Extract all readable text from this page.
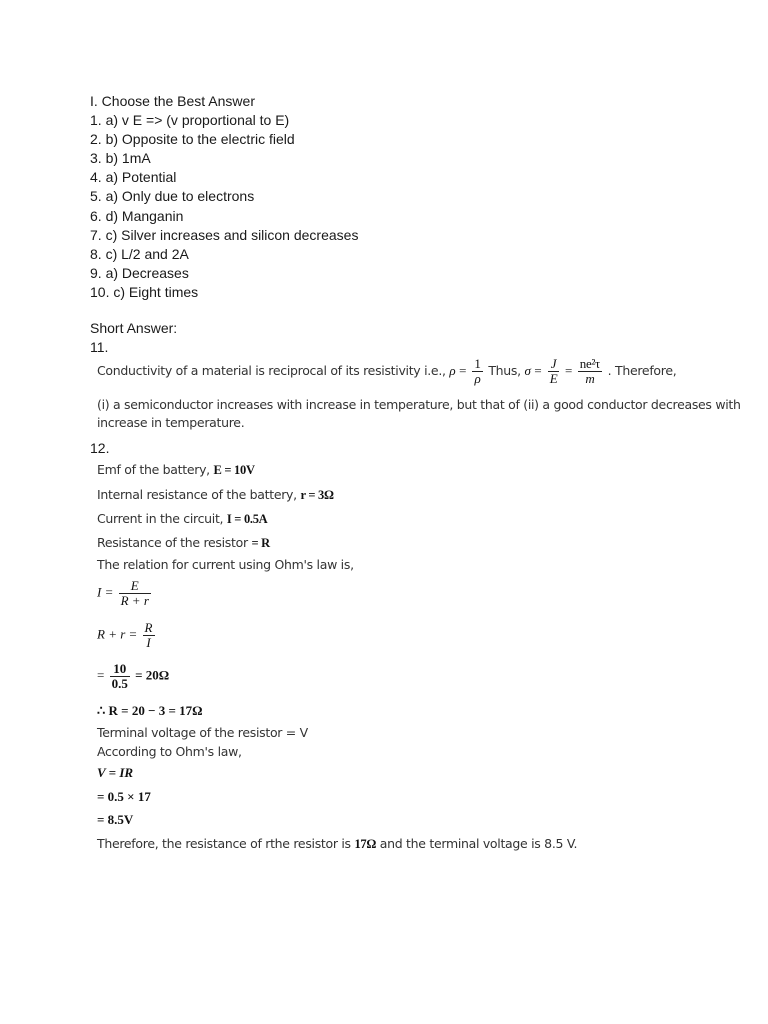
I. Choose the Best Answer
1. a) v E => (v proportional to E)
2. b) Opposite to the electric field
3. b) 1mA
4. a) Potential
5. a) Only due to electrons
6. d) Manganin
7. c) Silver increases and silicon decreases
8. c) L/2 and 2A
9. a) Decreases
10. c) Eight times
Short Answer:
11.
Conductivity of a material is reciprocal of its resistivity i.e., $\rho = \frac{1}{\rho}$ Thus, $\sigma = \frac{J}{E} = \frac{\text{ne²τ}}{m}$ . Therefore,
(i) a semiconductor increases with increase in temperature, but that of (ii) a good conductor decreases with
increase in temperature.
12.
Emf of the battery, E = 10V
Internal resistance of the battery, r = 3Ω
Current in the circuit, I = 0.5A
Resistance of the resistor = R
The relation for current using Ohm's law is,
$I = \frac{E}{R + r}$
$R + r = \frac{R}{I}$
= $\frac{10}{0.5} = 20\Omega$
∴ R = 20 − 3 = 17Ω
Terminal voltage of the resistor = V
According to Ohm's law,
V = IR
= 0.5 × 17
= 8.5V
Therefore, the resistance of rthe resistor is 17Ω and the terminal voltage is 8.5 V.
